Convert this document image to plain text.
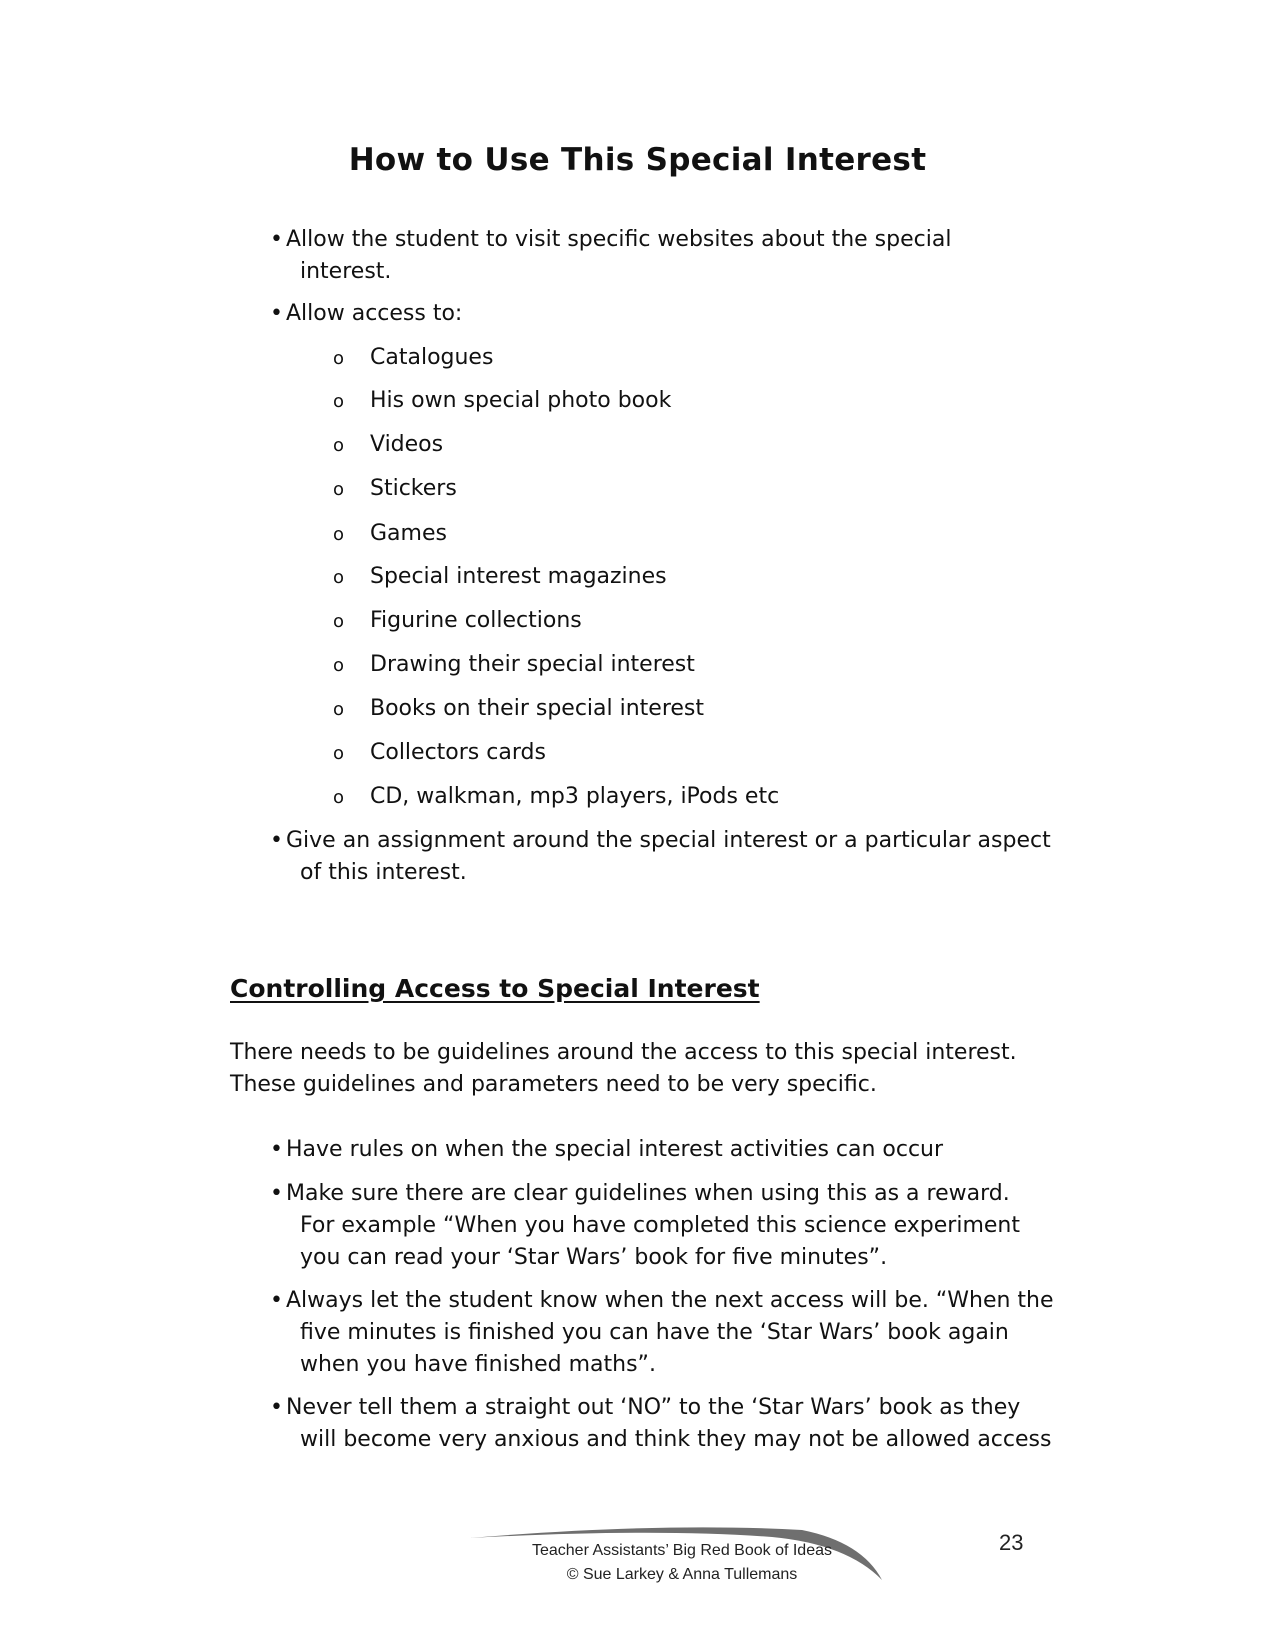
How to Use This Special Interest
• Allow the student to visit specific websites about the special
interest.
• Allow access to:
o Catalogues
o His own special photo book
o Videos
o Stickers
o Games
o Special interest magazines
o Figurine collections
o Drawing their special interest
o Books on their special interest
o Collectors cards
o CD, walkman, mp3 players, iPods etc
• Give an assignment around the special interest or a particular aspect
of this interest.
Controlling Access to Special Interest
There needs to be guidelines around the access to this special interest.
These guidelines and parameters need to be very specific.
• Have rules on when the special interest activities can occur
• Make sure there are clear guidelines when using this as a reward.
For example “When you have completed this science experiment
you can read your ‘Star Wars’ book for five minutes”.
• Always let the student know when the next access will be. “When the
five minutes is finished you can have the ‘Star Wars’ book again
when you have finished maths”.
• Never tell them a straight out ‘NO” to the ‘Star Wars’ book as they
will become very anxious and think they may not be allowed access
Teacher Assistants’ Big Red Book of Ideas
© Sue Larkey & Anna Tullemans
23
